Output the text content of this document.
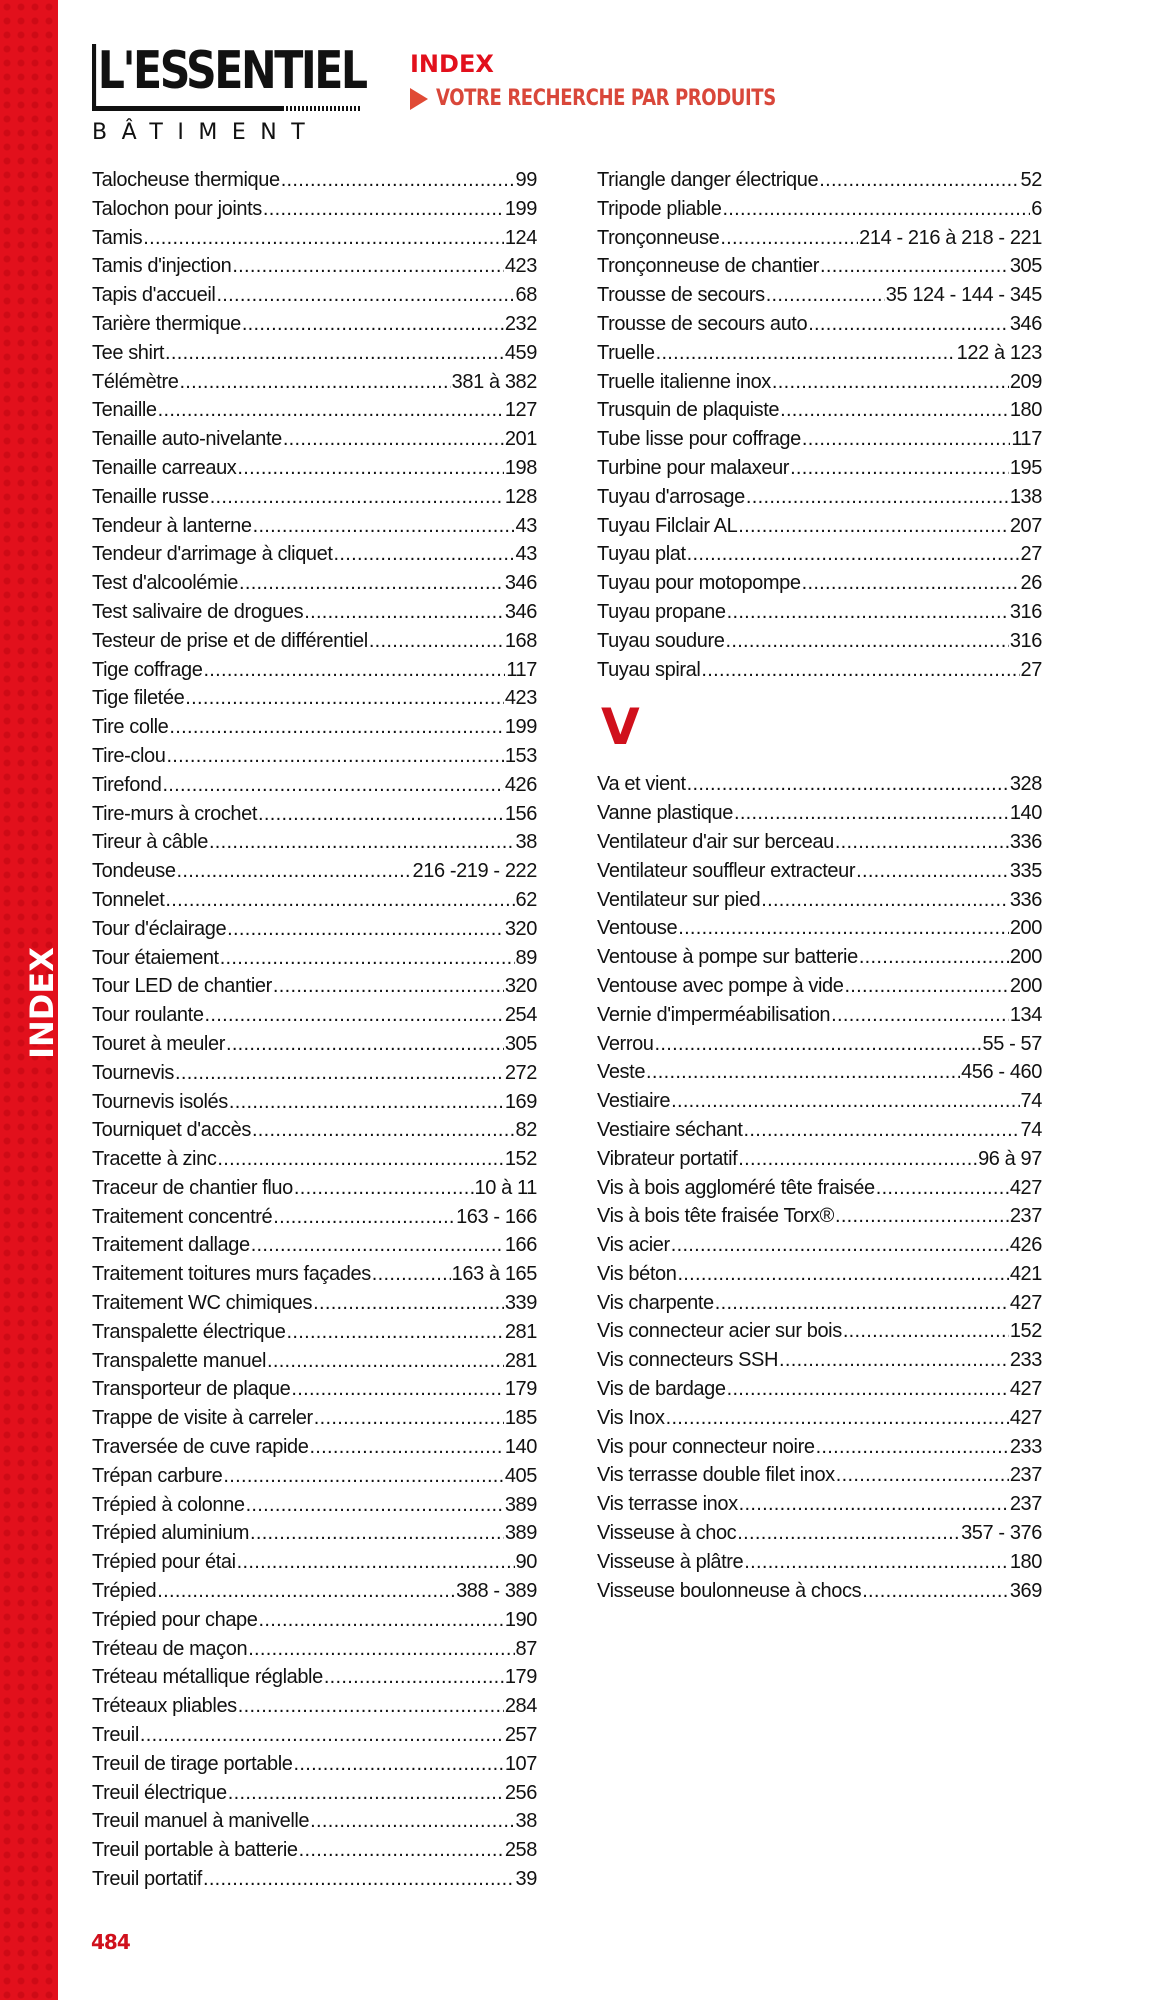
INDEX
L'ESSENTIEL
BÂTIMENT
INDEX
VOTRE RECHERCHE PAR PRODUITS
Talocheuse thermique .....	99
Talochon pour joints .....	199
Tamis .....	124
Tamis d'injection .....	423
Tapis d'accueil .....	68
Tarière thermique .....	232
Tee shirt .....	459
Télémètre .....	381 à 382
Tenaille .....	127
Tenaille auto-nivelante .....	201
Tenaille carreaux .....	198
Tenaille russe .....	128
Tendeur à lanterne .....	43
Tendeur d'arrimage à cliquet .....	43
Test d'alcoolémie .....	346
Test salivaire de drogues .....	346
Testeur de prise et de différentiel .....	168
Tige coffrage .....	117
Tige filetée .....	423
Tire colle .....	199
Tire-clou .....	153
Tirefond .....	426
Tire-murs à crochet .....	156
Tireur à câble .....	38
Tondeuse .....	216 -219 - 222
Tonnelet .....	62
Tour d'éclairage .....	320
Tour étaiement .....	89
Tour LED de chantier .....	320
Tour roulante .....	254
Touret à meuler .....	305
Tournevis .....	272
Tournevis isolés .....	169
Tourniquet d'accès .....	82
Tracette à zinc .....	152
Traceur de chantier fluo .....	10 à 11
Traitement concentré .....	163 - 166
Traitement dallage .....	166
Traitement toitures murs façades .....	163 à 165
Traitement WC chimiques .....	339
Transpalette électrique .....	281
Transpalette manuel .....	281
Transporteur de plaque .....	179
Trappe de visite à carreler .....	185
Traversée de cuve rapide .....	140
Trépan carbure .....	405
Trépied à colonne .....	389
Trépied aluminium .....	389
Trépied pour étai .....	90
Trépied .....	388 - 389
Trépied pour chape .....	190
Tréteau de maçon .....	87
Tréteau métallique réglable .....	179
Tréteaux pliables .....	284
Treuil .....	257
Treuil de tirage portable .....	107
Treuil électrique .....	256
Treuil manuel à manivelle .....	38
Treuil portable à batterie .....	258
Treuil portatif .....	39
Triangle danger électrique .....	52
Tripode pliable .....	6
Tronçonneuse .....	214 - 216 à 218 - 221
Tronçonneuse de chantier .....	305
Trousse de secours .....	35 124 - 144 - 345
Trousse de secours auto .....	346
Truelle .....	122 à 123
Truelle italienne inox .....	209
Trusquin de plaquiste .....	180
Tube lisse pour coffrage .....	117
Turbine pour malaxeur .....	195
Tuyau d'arrosage .....	138
Tuyau Filclair AL .....	207
Tuyau plat .....	27
Tuyau pour motopompe .....	26
Tuyau propane .....	316
Tuyau soudure .....	316
Tuyau spiral .....	27
V
Va et vient .....	328
Vanne plastique .....	140
Ventilateur d'air sur berceau .....	336
Ventilateur souffleur extracteur .....	335
Ventilateur sur pied .....	336
Ventouse .....	200
Ventouse à pompe sur batterie .....	200
Ventouse avec pompe à vide .....	200
Vernie d'imperméabilisation .....	134
Verrou .....	55 - 57
Veste .....	456 - 460
Vestiaire .....	74
Vestiaire séchant .....	74
Vibrateur portatif .....	96 à 97
Vis à bois aggloméré tête fraisée .....	427
Vis à bois tête fraisée Torx® .....	237
Vis acier .....	426
Vis béton .....	421
Vis charpente .....	427
Vis connecteur acier sur bois .....	152
Vis connecteurs SSH .....	233
Vis de bardage .....	427
Vis Inox .....	427
Vis pour connecteur noire .....	233
Vis terrasse double filet inox .....	237
Vis terrasse inox .....	237
Visseuse à choc .....	357 - 376
Visseuse à plâtre .....	180
Visseuse boulonneuse à chocs .....	369
484
